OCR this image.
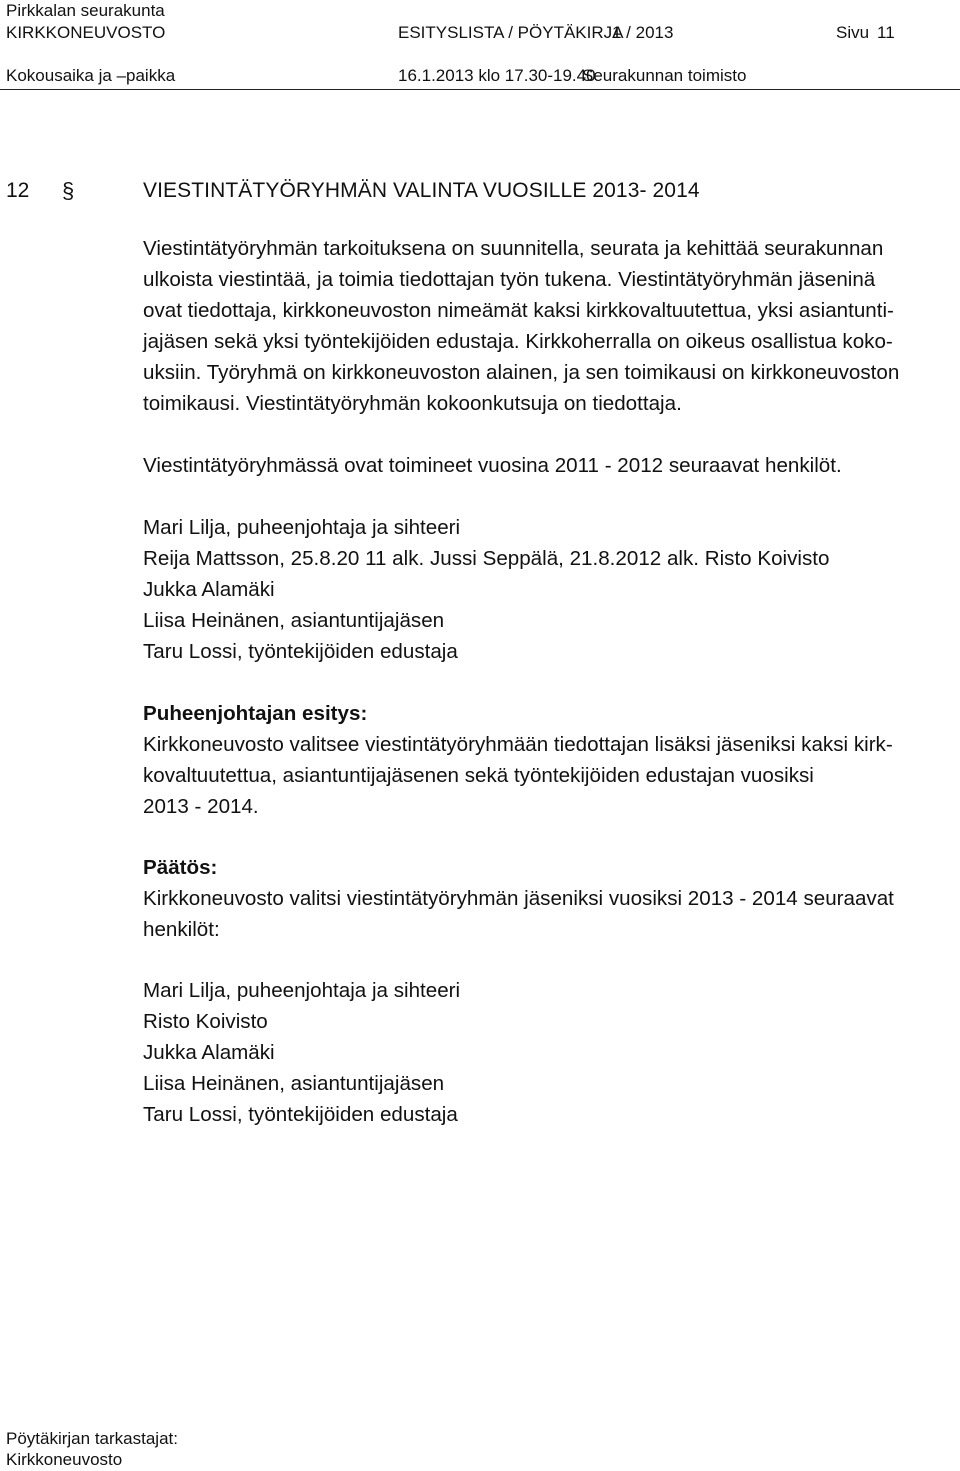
Pirkkalan seurakunta
KIRKKONEUVOSTO	ESITYSLISTA / PÖYTÄKIRJA
1 / 2013	Sivu 11
Kokousaika ja –paikka	16.1.2013 klo 17.30-19.40
Seurakunnan toimisto
12 §	VIESTINTÄTYÖRYHMÄN VALINTA VUOSILLE 2013- 2014
Viestintätyöryhmän tarkoituksena on suunnitella, seurata ja kehittää seurakunnan
ulkoista viestintää, ja toimia tiedottajan työn tukena. Viestintätyöryhmän jäseninä
ovat tiedottaja, kirkkoneuvoston nimeämät kaksi kirkkovaltuutettua, yksi asiantunti-
jajäsen sekä yksi työntekijöiden edustaja. Kirkkoherralla on oikeus osallistua koko-
uksiin. Työryhmä on kirkkoneuvoston alainen, ja sen toimikausi on kirkkoneuvoston
toimikausi. Viestintätyöryhmän kokoonkutsuja on tiedottaja.
Viestintätyöryhmässä ovat toimineet vuosina 2011 - 2012 seuraavat henkilöt.
Mari Lilja, puheenjohtaja ja sihteeri
Reija Mattsson, 25.8.20 11 alk. Jussi Seppälä, 21.8.2012 alk. Risto Koivisto
Jukka Alamäki
Liisa Heinänen, asiantuntijajäsen
Taru Lossi, työntekijöiden edustaja
Puheenjohtajan esitys:
Kirkkoneuvosto valitsee viestintätyöryhmään tiedottajan lisäksi jäseniksi kaksi kirk-
kovaltuutettua, asiantuntijajäsenen sekä työntekijöiden edustajan vuosiksi
2013 - 2014.
Päätös:
Kirkkoneuvosto valitsi viestintätyöryhmän jäseniksi vuosiksi 2013 - 2014 seuraavat
henkilöt:
Mari Lilja, puheenjohtaja ja sihteeri
Risto Koivisto
Jukka Alamäki
Liisa Heinänen, asiantuntijajäsen
Taru Lossi, työntekijöiden edustaja
Pöytäkirjan tarkastajat:
Kirkkoneuvosto
